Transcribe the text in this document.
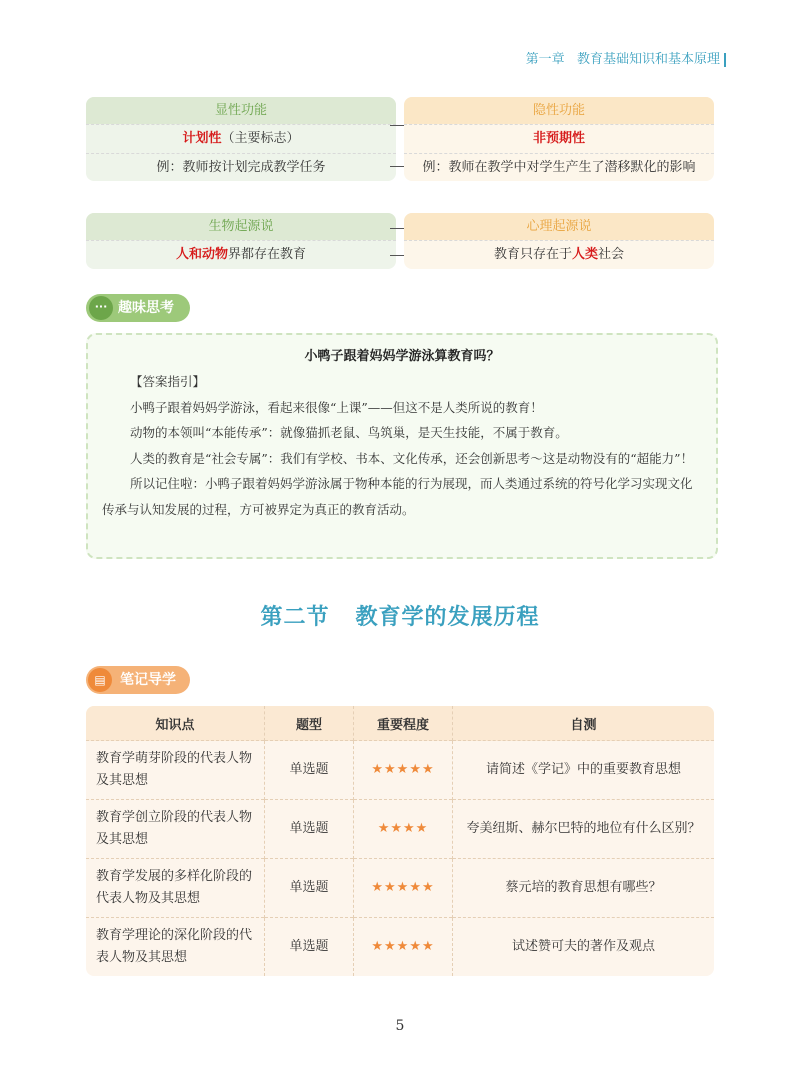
第一章 教育基础知识和基本原理
显性功能
计划性（主要标志）
例：教师按计划完成教学任务
隐性功能
非预期性
例：教师在教学中对学生产生了潜移默化的影响
生物起源说
人和动物界都存在教育
心理起源说
教育只存在于人类社会
··· 趣味思考
小鸭子跟着妈妈学游泳算教育吗？

【答案指引】

小鸭子跟着妈妈学游泳，看起来很像“上课”——但这不是人类所说的教育！

动物的本领叫“本能传承”：就像猫抓老鼠、鸟筑巢，是天生技能，不属于教育。

人类的教育是“社会专属”：我们有学校、书本、文化传承，还会创新思考～这是动物没有的“超能力”！

所以记住啦：小鸭子跟着妈妈学游泳属于物种本能的行为展现，而人类通过系统的符号化学习实现文化传承与认知发展的过程，方可被界定为真正的教育活动。

第二节 教育学的发展历程
▤	笔记导学
知识点	题型	重要程度	自测
教育学萌芽阶段的代表人物及其思想	单选题	★★★★★	请简述《学记》中的重要教育思想
教育学创立阶段的代表人物及其思想	单选题	★★★★	夸美纽斯、赫尔巴特的地位有什么区别？
教育学发展的多样化阶段的代表人物及其思想	单选题	★★★★★	蔡元培的教育思想有哪些？
教育学理论的深化阶段的代表人物及其思想	单选题	★★★★★	试述赞可夫的著作及观点
5
